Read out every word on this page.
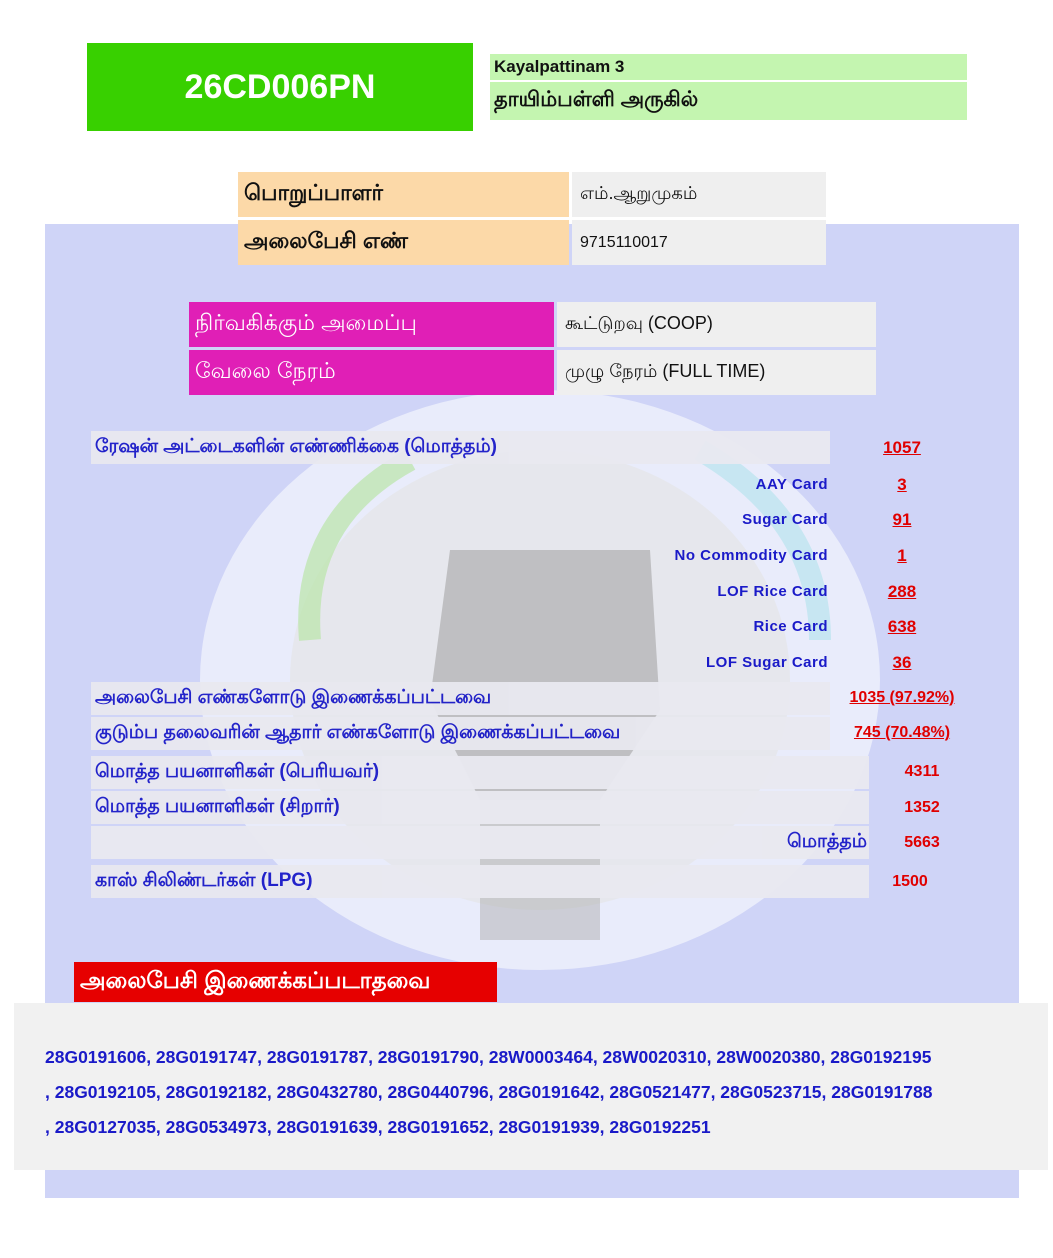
26CD006PN
Kayalpattinam 3
தாயிம்பள்ளி அருகில்
பொறுப்பாளர்	எம்.ஆறுமுகம்
அலைபேசி எண்	9715110017
நிர்வகிக்கும் அமைப்பு	கூட்டுறவு (COOP)
வேலை நேரம்	முழு நேரம் (FULL TIME)
ரேஷன் அட்டைகளின் எண்ணிக்கை (மொத்தம்)	1057
AAY Card	3
Sugar Card	91
No Commodity Card	1
LOF Rice Card	288
Rice Card	638
LOF Sugar Card	36
அலைபேசி எண்களோடு இணைக்கப்பட்டவை	1035 (97.92%)
குடும்ப தலைவரின் ஆதார் எண்களோடு இணைக்கப்பட்டவை	745 (70.48%)
மொத்த பயனாளிகள் (பெரியவர்)	4311
மொத்த பயனாளிகள் (சிறார்)	1352
மொத்தம்	5663
காஸ் சிலிண்டர்கள் (LPG)	1500
அலைபேசி இணைக்கப்படாதவை
28G0191606, 28G0191747, 28G0191787, 28G0191790, 28W0003464, 28W0020310, 28W0020380, 28G0192195
, 28G0192105, 28G0192182, 28G0432780, 28G0440796, 28G0191642, 28G0521477, 28G0523715, 28G0191788
, 28G0127035, 28G0534973, 28G0191639, 28G0191652, 28G0191939, 28G0192251
